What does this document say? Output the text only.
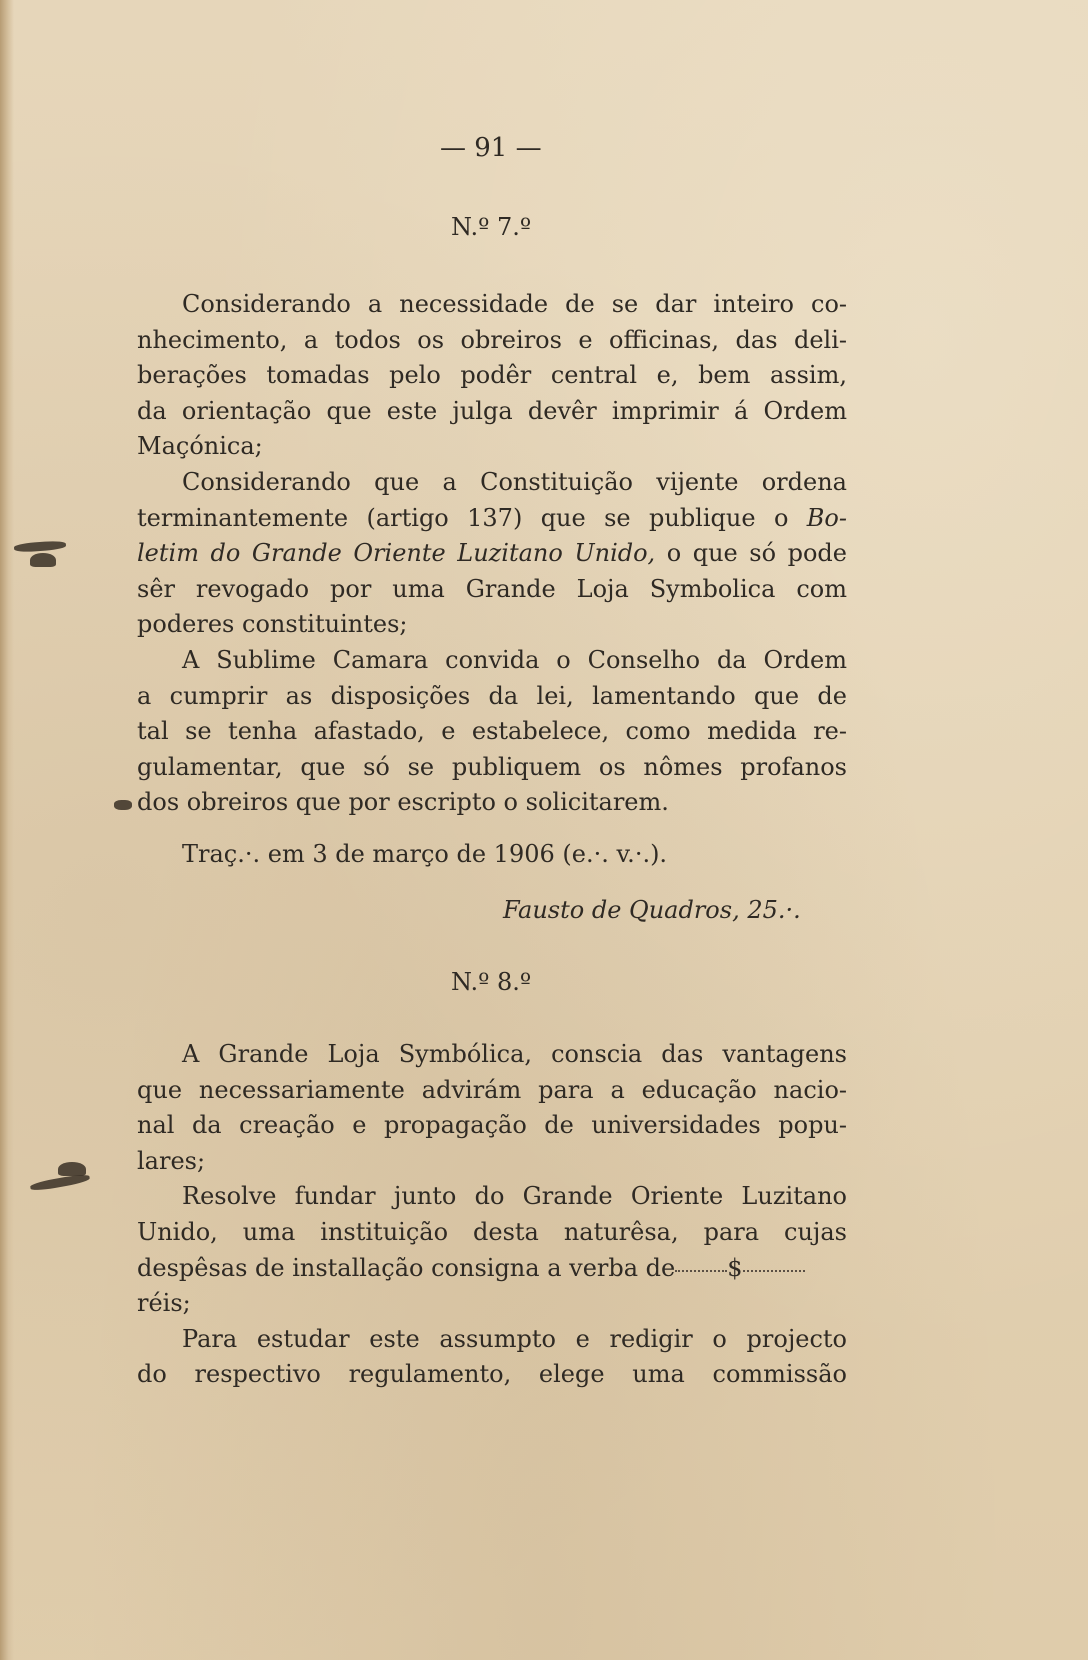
— 91 —
N.º 7.º
Considerando a necessidade de se dar inteiro co-
nhecimento, a todos os obreiros e officinas, das deli-
berações tomadas pelo podêr central e, bem assim,
da orientação que este julga devêr imprimir á Ordem
Maçónica;
Considerando que a Constituição vijente ordena
terminantemente (artigo 137) que se publique o Bo-
letim do Grande Oriente Luzitano Unido, o que só pode
sêr revogado por uma Grande Loja Symbolica com
poderes constituintes;
A Sublime Camara convida o Conselho da Ordem
a cumprir as disposições da lei, lamentando que de
tal se tenha afastado, e estabelece, como medida re-
gulamentar, que só se publiquem os nômes profanos
dos obreiros que por escripto o solicitarem.
Traç.·. em 3 de março de 1906 (e.·. v.·.).
Fausto de Quadros, 25.·.
N.º 8.º
A Grande Loja Symbólica, conscia das vantagens
que necessariamente advirám para a educação nacio-
nal da creação e propagação de universidades popu-
lares;
Resolve fundar junto do Grande Oriente Luzitano
Unido, uma instituição desta naturêsa, para cujas
despêsas de installação consigna a verba de $
réis;
Para estudar este assumpto e redigir o projecto
do respectivo regulamento, elege uma commissão
